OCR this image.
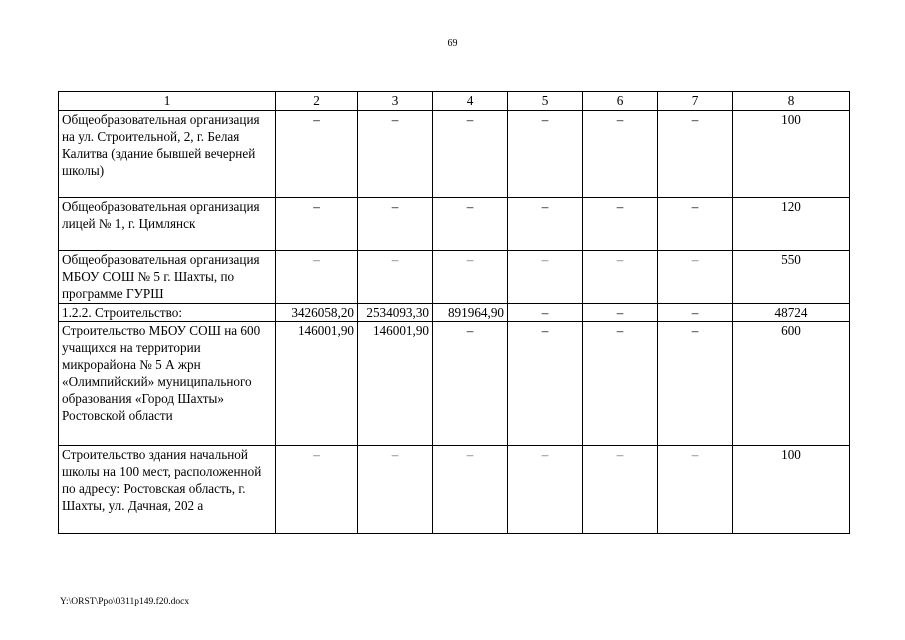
69
1	2	3	4	5	6	7	8
Общеобразовательная организация на ул. Строительной, 2, г. Белая Калитва (здание бывшей вечерней школы)	–	–	–	–	–	–	100
Общеобразовательная организация лицей № 1, г. Цимлянск	–	–	–	–	–	–	120
Общеобразовательная организация МБОУ СОШ № 5 г. Шахты, по программе ГУРШ	–	–	–	–	–	–	550
1.2.2. Строительство:	3426058,20	2534093,30	891964,90	–	–	–	48724
Строительство МБОУ СОШ на 600 учащихся на территории микрорайона № 5 А жрн «Олимпийский» муниципального образования «Город Шахты» Ростовской области	146001,90	146001,90	–	–	–	–	600
Строительство здания начальной школы на 100 мест, расположенной по адресу: Ростовская область, г. Шахты, ул. Дачная, 202 а	–	–	–	–	–	–	100
Y:\ORST\Ppo\0311p149.f20.docx
